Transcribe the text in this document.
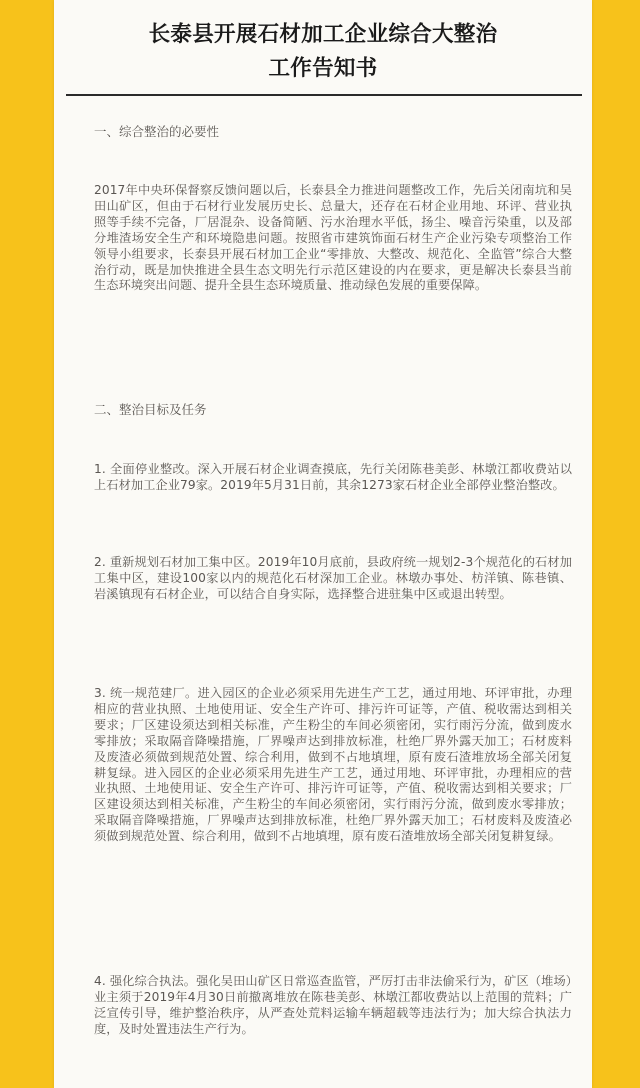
长泰县开展石材加工企业综合大整治
工作告知书

一、综合整治的必要性

2017年中央环保督察反馈问题以后，长泰县全力推进问题整改工作，先后关闭南坑和吴田山矿区，但由于石材行业发展历史长、总量大，还存在石材企业用地、环评、营业执照等手续不完备，厂居混杂、设备简陋、污水治理水平低，扬尘、噪音污染重，以及部分堆渣场安全生产和环境隐患问题。按照省市建筑饰面石材生产企业污染专项整治工作领导小组要求，长泰县开展石材加工企业“零排放、大整改、规范化、全监管”综合大整治行动，既是加快推进全县生态文明先行示范区建设的内在要求，更是解决长泰县当前生态环境突出问题、提升全县生态环境质量、推动绿色发展的重要保障。

二、整治目标及任务

1. 全面停业整改。深入开展石材企业调查摸底，先行关闭陈巷美彭、林墩江都收费站以上石材加工企业79家。2019年5月31日前，其余1273家石材企业全部停业整治整改。

2. 重新规划石材加工集中区。2019年10月底前，县政府统一规划2-3个规范化的石材加工集中区，建设100家以内的规范化石材深加工企业。林墩办事处、枋洋镇、陈巷镇、岩溪镇现有石材企业，可以结合自身实际，选择整合进驻集中区或退出转型。

3. 统一规范建厂。进入园区的企业必须采用先进生产工艺，通过用地、环评审批，办理相应的营业执照、土地使用证、安全生产许可、排污许可证等，产值、税收需达到相关要求；厂区建设须达到相关标准，产生粉尘的车间必须密闭，实行雨污分流，做到废水零排放；采取隔音降噪措施，厂界噪声达到排放标准，杜绝厂界外露天加工；石材废料及废渣必须做到规范处置、综合利用，做到不占地填埋，原有废石渣堆放场全部关闭复耕复绿。进入园区的企业必须采用先进生产工艺，通过用地、环评审批，办理相应的营业执照、土地使用证、安全生产许可、排污许可证等，产值、税收需达到相关要求；厂区建设须达到相关标准，产生粉尘的车间必须密闭，实行雨污分流，做到废水零排放；采取隔音降噪措施，厂界噪声达到排放标准，杜绝厂界外露天加工；石材废料及废渣必须做到规范处置、综合利用，做到不占地填埋，原有废石渣堆放场全部关闭复耕复绿。

4. 强化综合执法。强化吴田山矿区日常巡查监管，严厉打击非法偷采行为，矿区（堆场）业主须于2019年4月30日前撤离堆放在陈巷美彭、林墩江都收费站以上范围的荒料；广泛宣传引导，维护整治秩序，从严查处荒料运输车辆超载等违法行为；加大综合执法力度，及时处置违法生产行为。
